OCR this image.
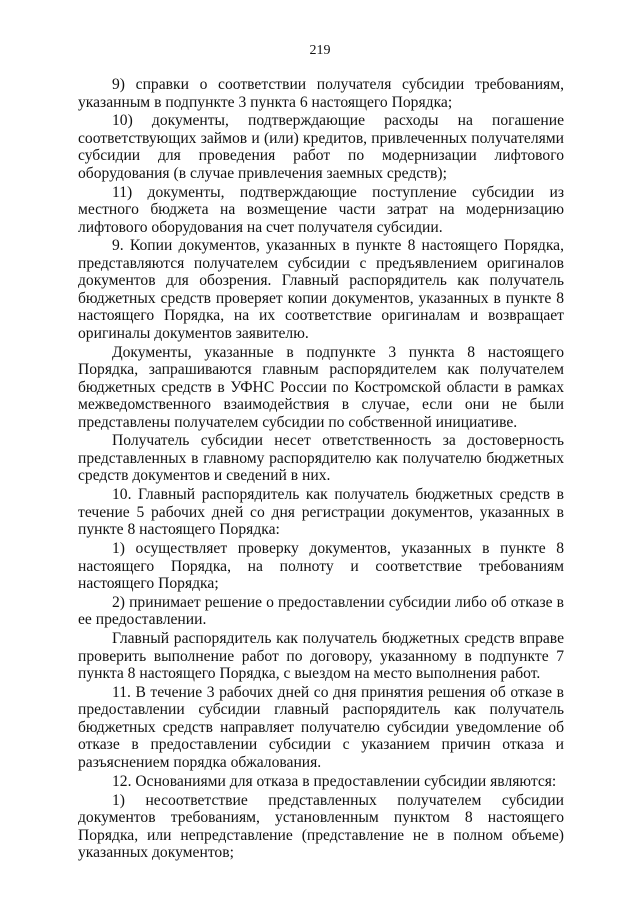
219

9) справки о соответствии получателя субсидии требованиям, указанным в подпункте 3 пункта 6 настоящего Порядка;

10) документы, подтверждающие расходы на погашение соответствующих займов и (или) кредитов, привлеченных получателями субсидии для проведения работ по модернизации лифтового оборудования (в случае привлечения заемных средств);

11) документы, подтверждающие поступление субсидии из местного бюджета на возмещение части затрат на модернизацию лифтового оборудования на счет получателя субсидии.

9. Копии документов, указанных в пункте 8 настоящего Порядка, представляются получателем субсидии с предъявлением оригиналов документов для обозрения. Главный распорядитель как получатель бюджетных средств проверяет копии документов, указанных в пункте 8 настоящего Порядка, на их соответствие оригиналам и возвращает оригиналы документов заявителю.

Документы, указанные в подпункте 3 пункта 8 настоящего Порядка, запрашиваются главным распорядителем как получателем бюджетных средств в УФНС России по Костромской области в рамках межведомственного взаимодействия в случае, если они не были представлены получателем субсидии по собственной инициативе.

Получатель субсидии несет ответственность за достоверность представленных в главному распорядителю как получателю бюджетных средств документов и сведений в них.

10. Главный распорядитель как получатель бюджетных средств в течение 5 рабочих дней со дня регистрации документов, указанных в пункте 8 настоящего Порядка:

1) осуществляет проверку документов, указанных в пункте 8 настоящего Порядка, на полноту и соответствие требованиям настоящего Порядка;

2) принимает решение о предоставлении субсидии либо об отказе в ее предоставлении.

Главный распорядитель как получатель бюджетных средств вправе проверить выполнение работ по договору, указанному в подпункте 7 пункта 8 настоящего Порядка, с выездом на место выполнения работ.

11. В течение 3 рабочих дней со дня принятия решения об отказе в предоставлении субсидии главный распорядитель как получатель бюджетных средств направляет получателю субсидии уведомление об отказе в предоставлении субсидии с указанием причин отказа и разъяснением порядка обжалования.

12. Основаниями для отказа в предоставлении субсидии являются:

1) несоответствие представленных получателем субсидии документов требованиям, установленным пунктом 8 настоящего Порядка, или непредставление (представление не в полном объеме) указанных документов;
